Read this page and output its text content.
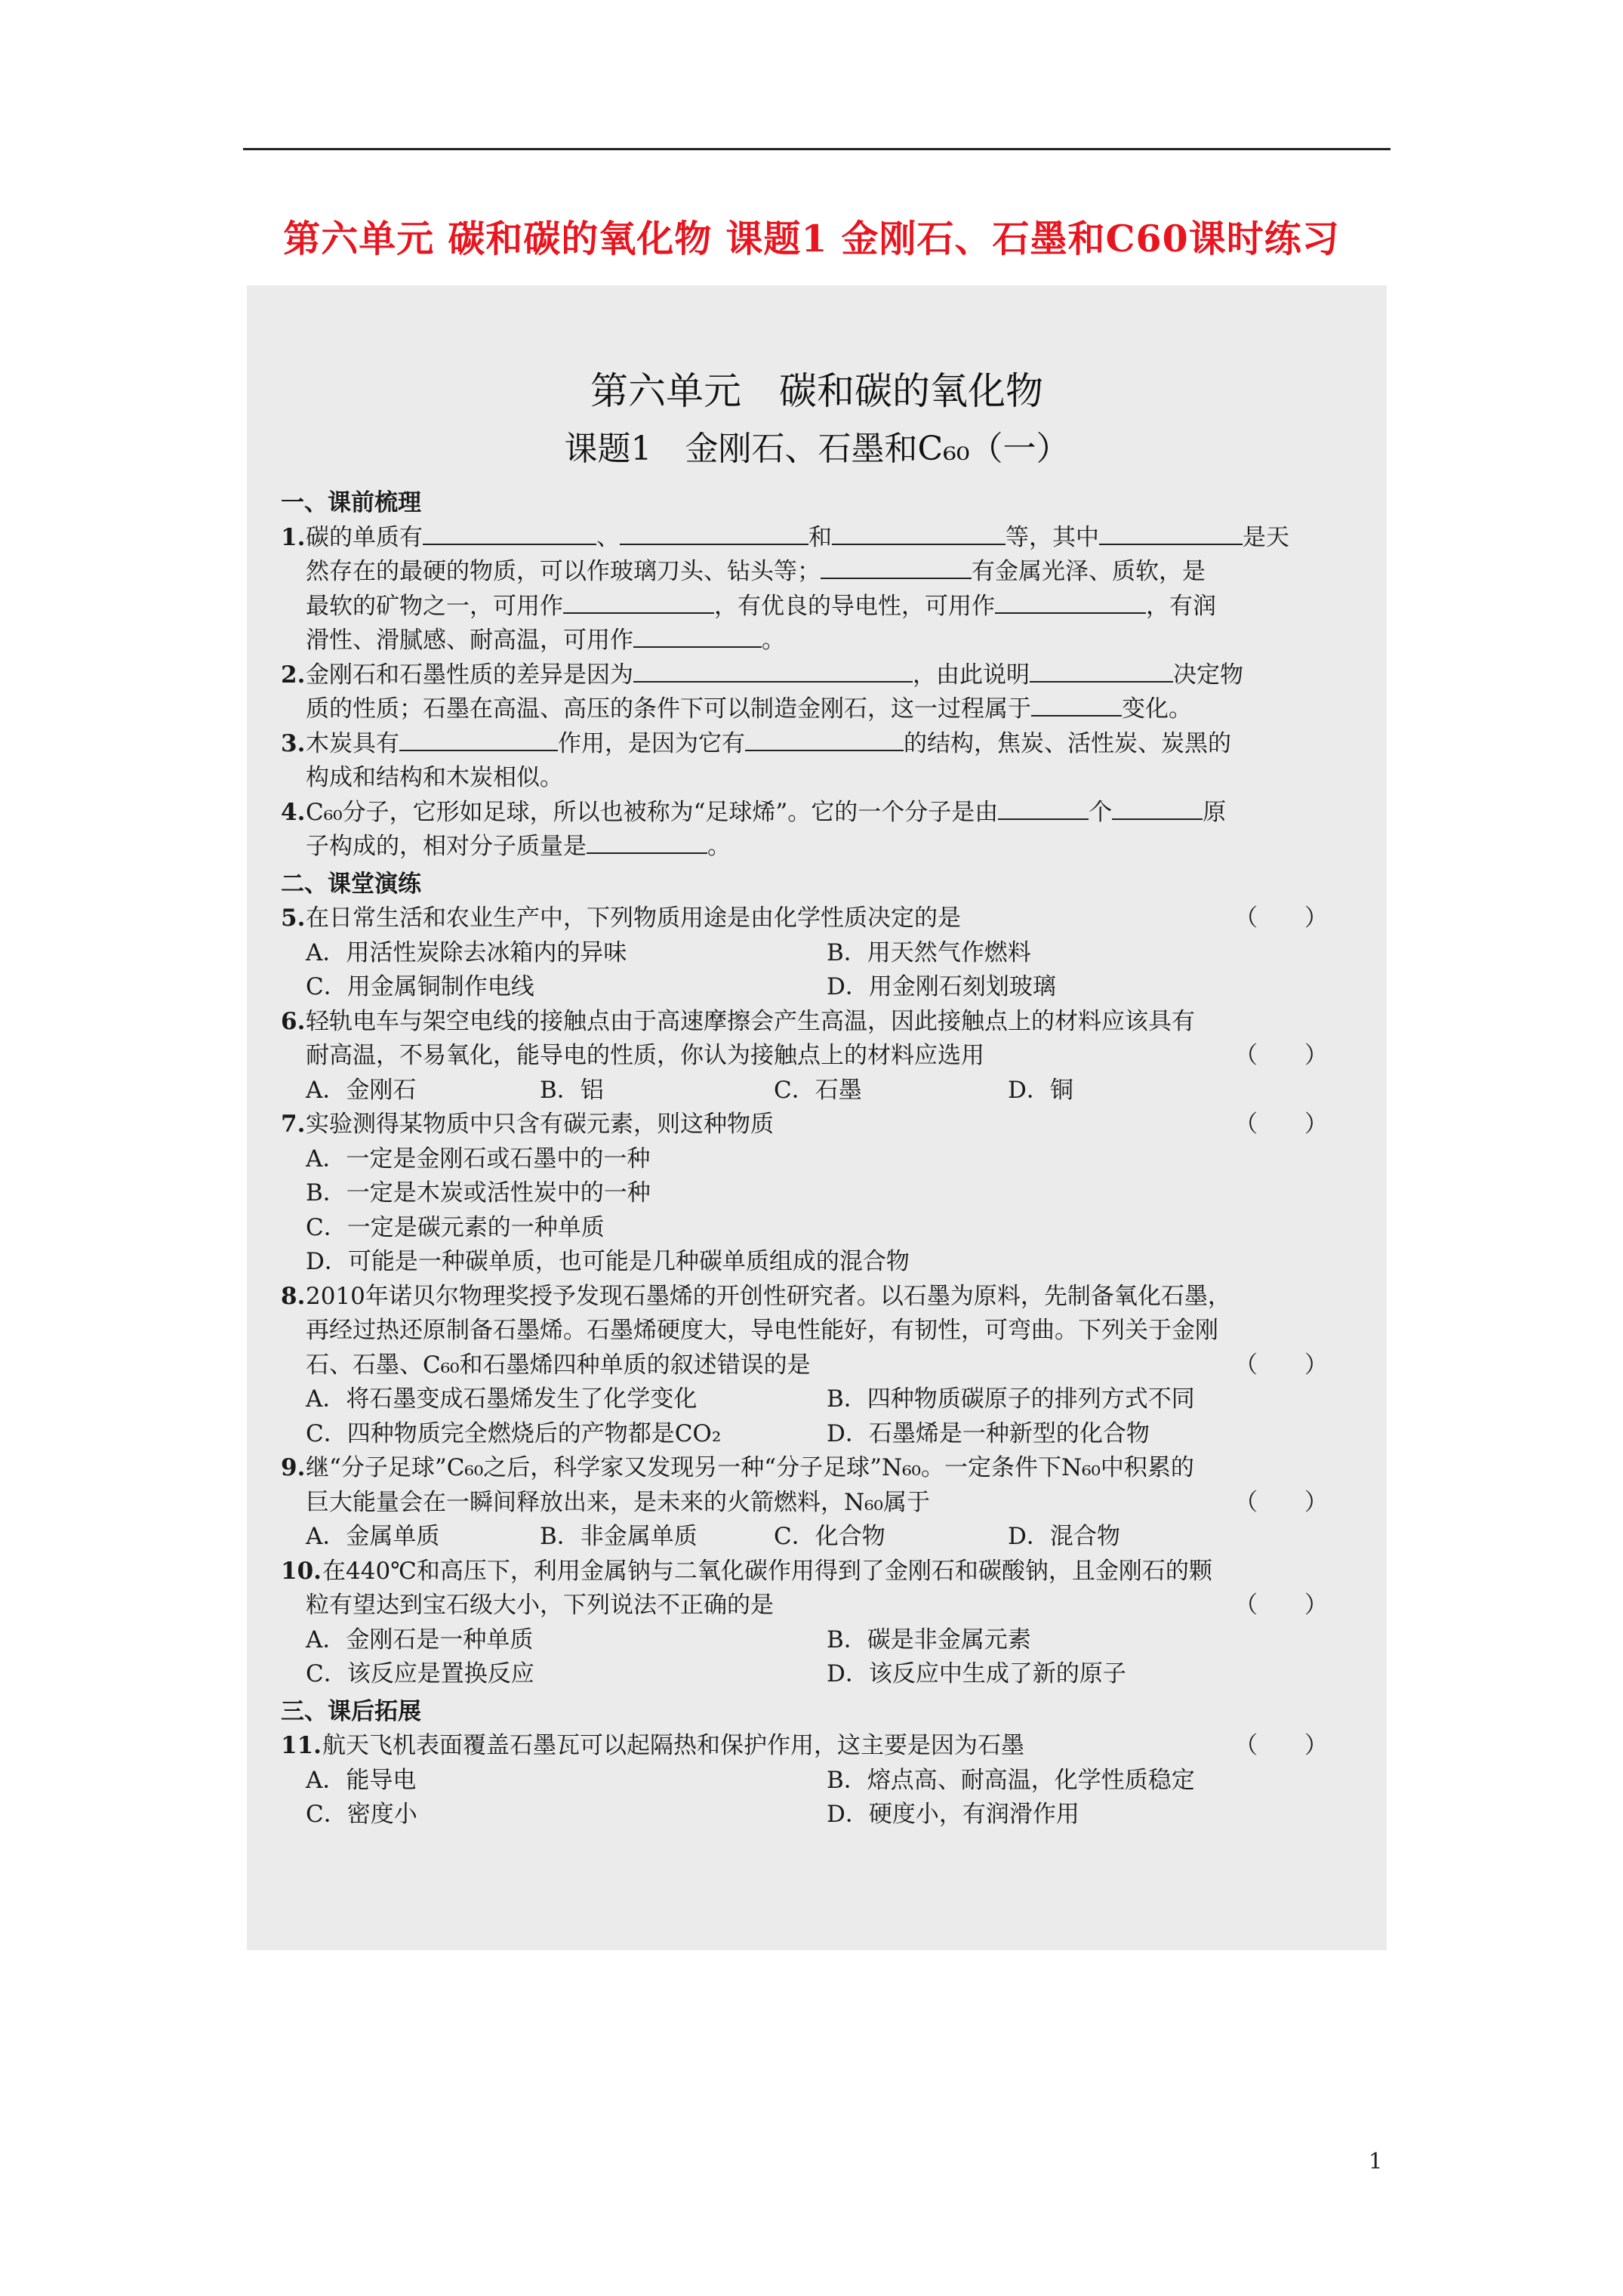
第六单元 碳和碳的氧化物 课题1 金刚石、石墨和C60课时练习
第六单元　碳和碳的氧化物
课题1　金刚石、石墨和C₆₀（一）
一、课前梳理
1.碳的单质有	、	和	等，其中	是天
然存在的最硬的物质，可以作玻璃刀头、钻头等；	有金属光泽、质软，是
最软的矿物之一，可用作	，有优良的导电性，可用作	，有润
滑性、滑腻感、耐高温，可用作	。
2.金刚石和石墨性质的差异是因为	，由此说明	决定物
质的性质；石墨在高温、高压的条件下可以制造金刚石，这一过程属于	变化。
3.木炭具有	作用，是因为它有	的结构，焦炭、活性炭、炭黑的
构成和结构和木炭相似。
4.C₆₀分子，它形如足球，所以也被称为“足球烯”。它的一个分子是由	个	原
子构成的，相对分子质量是	。
二、课堂演练
5.在日常生活和农业生产中，下列物质用途是由化学性质决定的是	（　　）
A．用活性炭除去冰箱内的异味	B．用天然气作燃料
C．用金属铜制作电线	D．用金刚石刻划玻璃
6.轻轨电车与架空电线的接触点由于高速摩擦会产生高温，因此接触点上的材料应该具有
耐高温，不易氧化，能导电的性质，你认为接触点上的材料应选用	（　　）
A．金刚石	B．铝	C．石墨	D．铜
7.实验测得某物质中只含有碳元素，则这种物质	（　　）
A．一定是金刚石或石墨中的一种
B．一定是木炭或活性炭中的一种
C．一定是碳元素的一种单质
D．可能是一种碳单质，也可能是几种碳单质组成的混合物
8.2010年诺贝尔物理奖授予发现石墨烯的开创性研究者。以石墨为原料，先制备氧化石墨，
再经过热还原制备石墨烯。石墨烯硬度大，导电性能好，有韧性，可弯曲。下列关于金刚
石、石墨、C₆₀和石墨烯四种单质的叙述错误的是	（　　）
A．将石墨变成石墨烯发生了化学变化	B．四种物质碳原子的排列方式不同
C．四种物质完全燃烧后的产物都是CO₂	D．石墨烯是一种新型的化合物
9.继“分子足球”C₆₀之后，科学家又发现另一种“分子足球”N₆₀。一定条件下N₆₀中积累的
巨大能量会在一瞬间释放出来，是未来的火箭燃料，N₆₀属于	（　　）
A．金属单质	B．非金属单质	C．化合物	D．混合物
10.在440℃和高压下，利用金属钠与二氧化碳作用得到了金刚石和碳酸钠，且金刚石的颗
粒有望达到宝石级大小，下列说法不正确的是	（　　）
A．金刚石是一种单质	B．碳是非金属元素
C．该反应是置换反应	D．该反应中生成了新的原子
三、课后拓展
11.航天飞机表面覆盖石墨瓦可以起隔热和保护作用，这主要是因为石墨	（　　）
A．能导电	B．熔点高、耐高温，化学性质稳定
C．密度小	D．硬度小，有润滑作用
1
